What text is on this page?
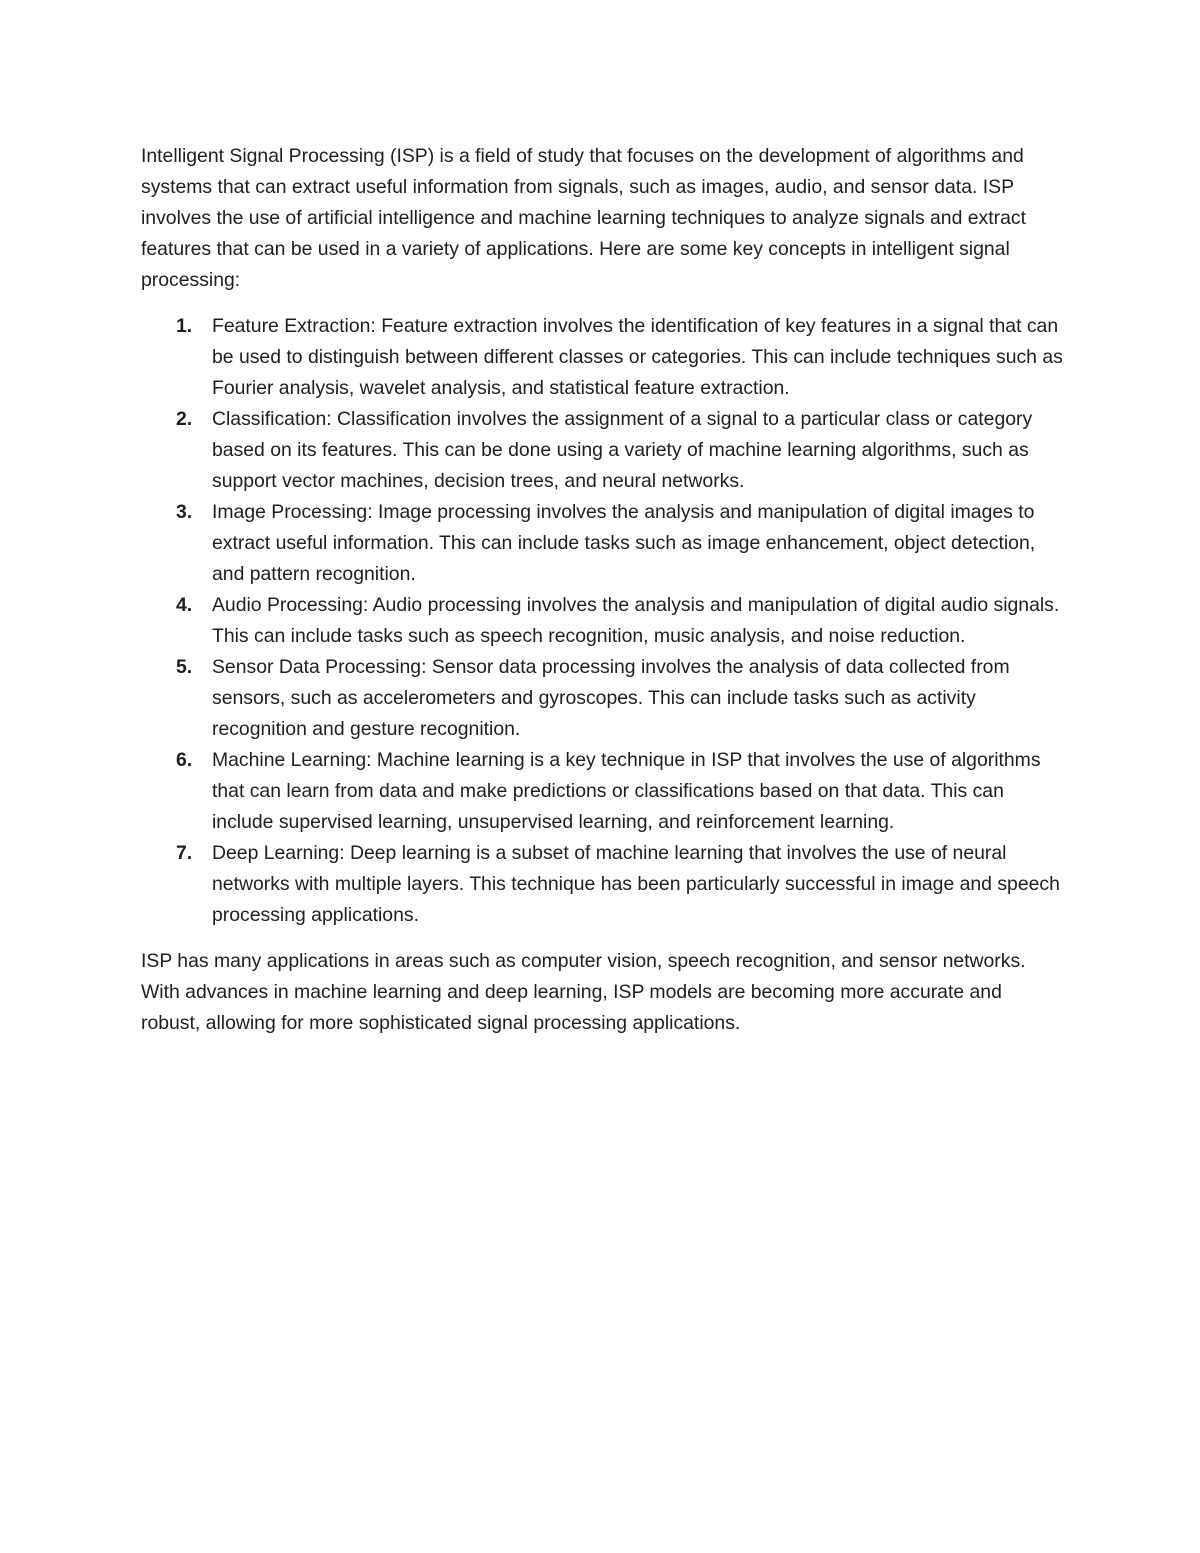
Intelligent Signal Processing (ISP) is a field of study that focuses on the development of algorithms and systems that can extract useful information from signals, such as images, audio, and sensor data. ISP involves the use of artificial intelligence and machine learning techniques to analyze signals and extract features that can be used in a variety of applications. Here are some key concepts in intelligent signal processing:

1. Feature Extraction: Feature extraction involves the identification of key features in a signal that can be used to distinguish between different classes or categories. This can include techniques such as Fourier analysis, wavelet analysis, and statistical feature extraction.
2. Classification: Classification involves the assignment of a signal to a particular class or category based on its features. This can be done using a variety of machine learning algorithms, such as support vector machines, decision trees, and neural networks.
3. Image Processing: Image processing involves the analysis and manipulation of digital images to extract useful information. This can include tasks such as image enhancement, object detection, and pattern recognition.
4. Audio Processing: Audio processing involves the analysis and manipulation of digital audio signals. This can include tasks such as speech recognition, music analysis, and noise reduction.
5. Sensor Data Processing: Sensor data processing involves the analysis of data collected from sensors, such as accelerometers and gyroscopes. This can include tasks such as activity recognition and gesture recognition.
6. Machine Learning: Machine learning is a key technique in ISP that involves the use of algorithms that can learn from data and make predictions or classifications based on that data. This can include supervised learning, unsupervised learning, and reinforcement learning.
7. Deep Learning: Deep learning is a subset of machine learning that involves the use of neural networks with multiple layers. This technique has been particularly successful in image and speech processing applications.

ISP has many applications in areas such as computer vision, speech recognition, and sensor networks. With advances in machine learning and deep learning, ISP models are becoming more accurate and robust, allowing for more sophisticated signal processing applications.
